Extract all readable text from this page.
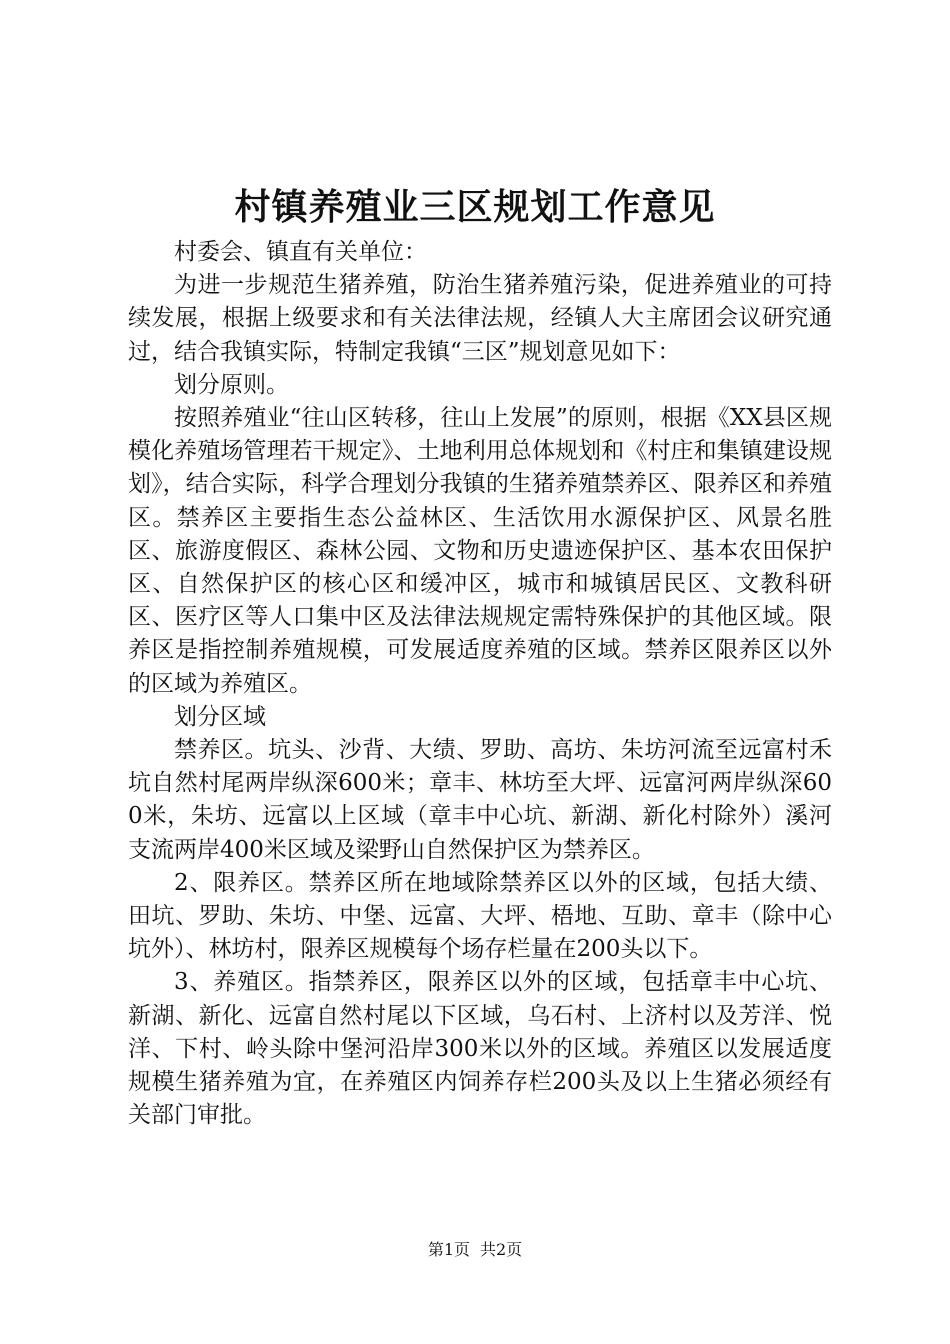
村镇养殖业三区规划工作意见

村委会、镇直有关单位：

为进一步规范生猪养殖，防治生猪养殖污染，促进养殖业的可持续发展，根据上级要求和有关法律法规，经镇人大主席团会议研究通过，结合我镇实际，特制定我镇“三区”规划意见如下：

划分原则。

按照养殖业“往山区转移，往山上发展”的原则，根据《XX县区规模化养殖场管理若干规定》、土地利用总体规划和《村庄和集镇建设规划》，结合实际，科学合理划分我镇的生猪养殖禁养区、限养区和养殖区。禁养区主要指生态公益林区、生活饮用水源保护区、风景名胜区、旅游度假区、森林公园、文物和历史遗迹保护区、基本农田保护区、自然保护区的核心区和缓冲区，城市和城镇居民区、文教科研区、医疗区等人口集中区及法律法规规定需特殊保护的其他区域。限养区是指控制养殖规模，可发展适度养殖的区域。禁养区限养区以外的区域为养殖区。

划分区域

禁养区。坑头、沙背、大绩、罗助、高坊、朱坊河流至远富村禾坑自然村尾两岸纵深600米；章丰、林坊至大坪、远富河两岸纵深600米，朱坊、远富以上区域（章丰中心坑、新湖、新化村除外）溪河支流两岸400米区域及梁野山自然保护区为禁养区。

2、限养区。禁养区所在地域除禁养区以外的区域，包括大绩、田坑、罗助、朱坊、中堡、远富、大坪、梧地、互助、章丰（除中心坑外）、林坊村，限养区规模每个场存栏量在200头以下。

3、养殖区。指禁养区，限养区以外的区域，包括章丰中心坑、新湖、新化、远富自然村尾以下区域，乌石村、上济村以及芳洋、悦洋、下村、岭头除中堡河沿岸300米以外的区域。养殖区以发展适度规模生猪养殖为宜，在养殖区内饲养存栏200头及以上生猪必须经有关部门审批。

第1页 共2页
